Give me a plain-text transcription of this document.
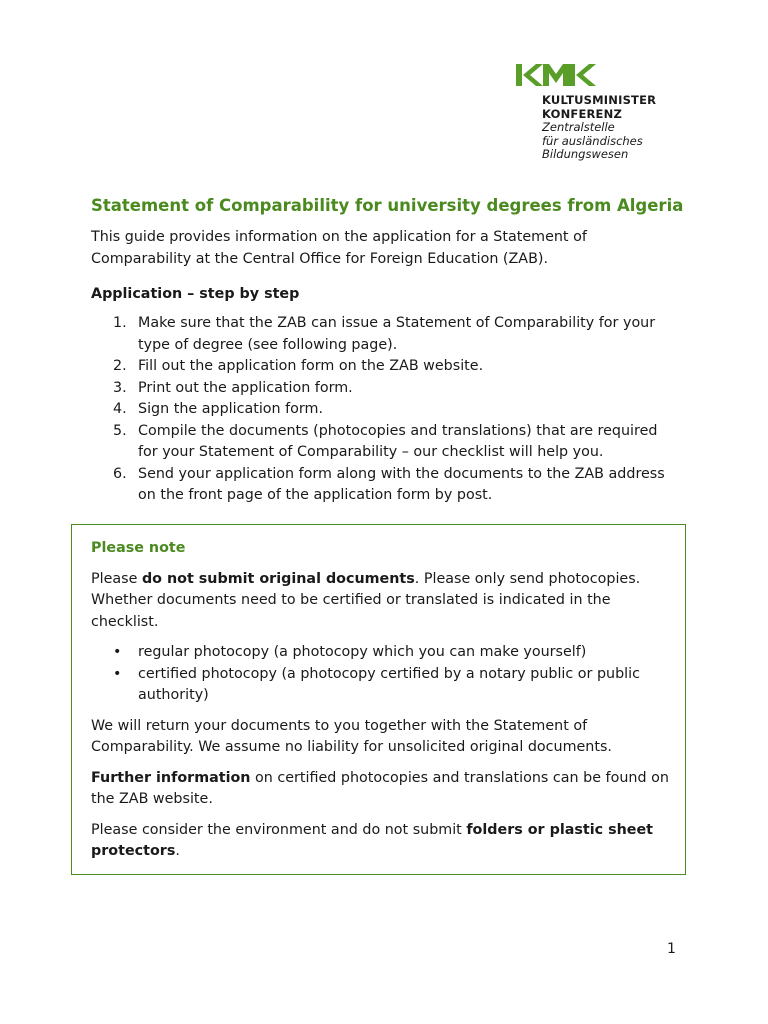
KULTUSMINISTER
KONFERENZ
Zentralstelle
für ausländisches
Bildungswesen
Statement of Comparability for university degrees from Algeria

This guide provides information on the application for a Statement of Comparability at the Central Office for Foreign Education (ZAB).

Application – step by step

1. Make sure that the ZAB can issue a Statement of Comparability for your type of degree (see following page).
2. Fill out the application form on the ZAB website.
3. Print out the application form.
4. Sign the application form.
5. Compile the documents (photocopies and translations) that are required for your Statement of Comparability – our checklist will help you.
6. Send your application form along with the documents to the ZAB address on the front page of the application form by post.

Please note

Please do not submit original documents. Please only send photocopies. Whether documents need to be certified or translated is indicated in the checklist.

• regular photocopy (a photocopy which you can make yourself)
• certified photocopy (a photocopy certified by a notary public or public authority)

We will return your documents to you together with the Statement of Comparability. We assume no liability for unsolicited original documents.

Further information on certified photocopies and translations can be found on the ZAB website.

Please consider the environment and do not submit folders or plastic sheet protectors.

1
